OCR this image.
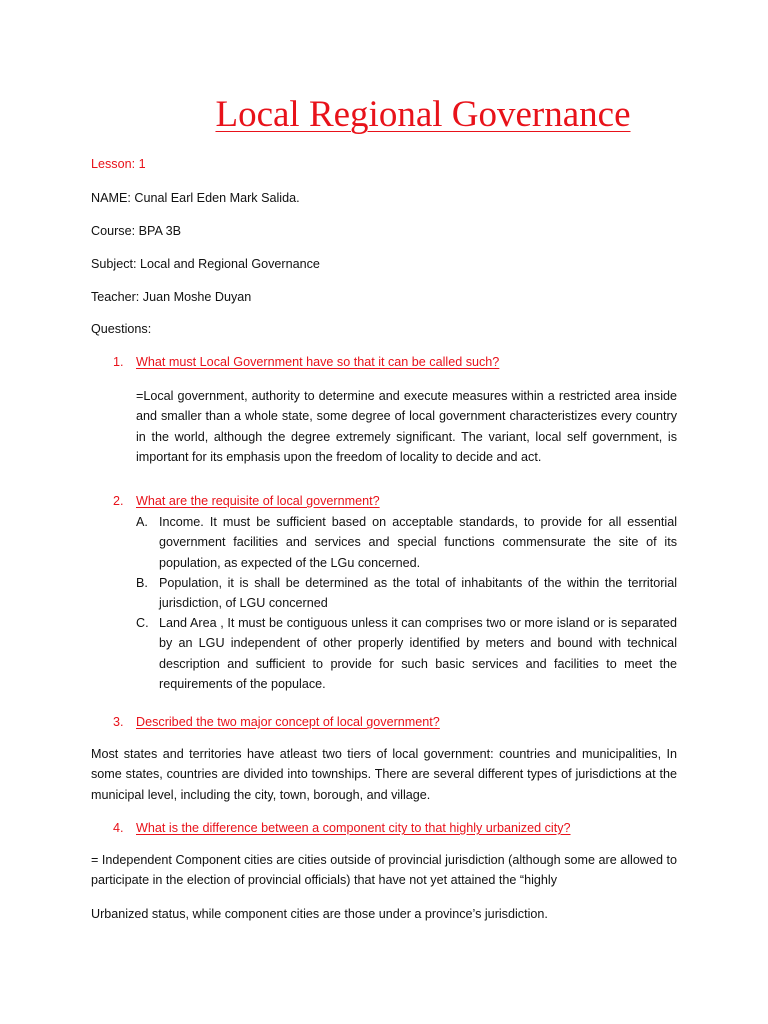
Local Regional Governance
Lesson: 1
NAME: Cunal Earl Eden Mark Salida.
Course: BPA 3B
Subject: Local and Regional Governance
Teacher: Juan Moshe Duyan
Questions:
1. What must Local Government have so that it can be called such?
=Local government, authority to determine and execute measures within a restricted area inside and smaller than a whole state, some degree of local government characteristizes every country in the world, although the degree extremely significant. The variant, local self government, is important for its emphasis upon the freedom of locality to decide and act.
2. What are the requisite of local government?
A. Income. It must be sufficient based on acceptable standards, to provide for all essential government facilities and services and special functions commensurate the site of its population, as expected of the LGu concerned.
B. Population, it is shall be determined as the total of inhabitants of the within the territorial jurisdiction, of LGU concerned
C. Land Area , It must be contiguous unless it can comprises two or more island or is separated by an LGU independent of other properly identified by meters and bound with technical description and sufficient to provide for such basic services and facilities to meet the requirements of the populace.
3. Described the two major concept of local government?
Most states and territories have atleast two tiers of local government: countries and municipalities, In some states, countries are divided into townships. There are several different types of jurisdictions at the municipal level, including the city, town, borough, and village.
4. What is the difference between a component city to that highly urbanized city?
= Independent Component cities are cities outside of provincial jurisdiction (although some are allowed to participate in the election of provincial officials) that have not yet attained the “highly
Urbanized status, while component cities are those under a province’s jurisdiction.
